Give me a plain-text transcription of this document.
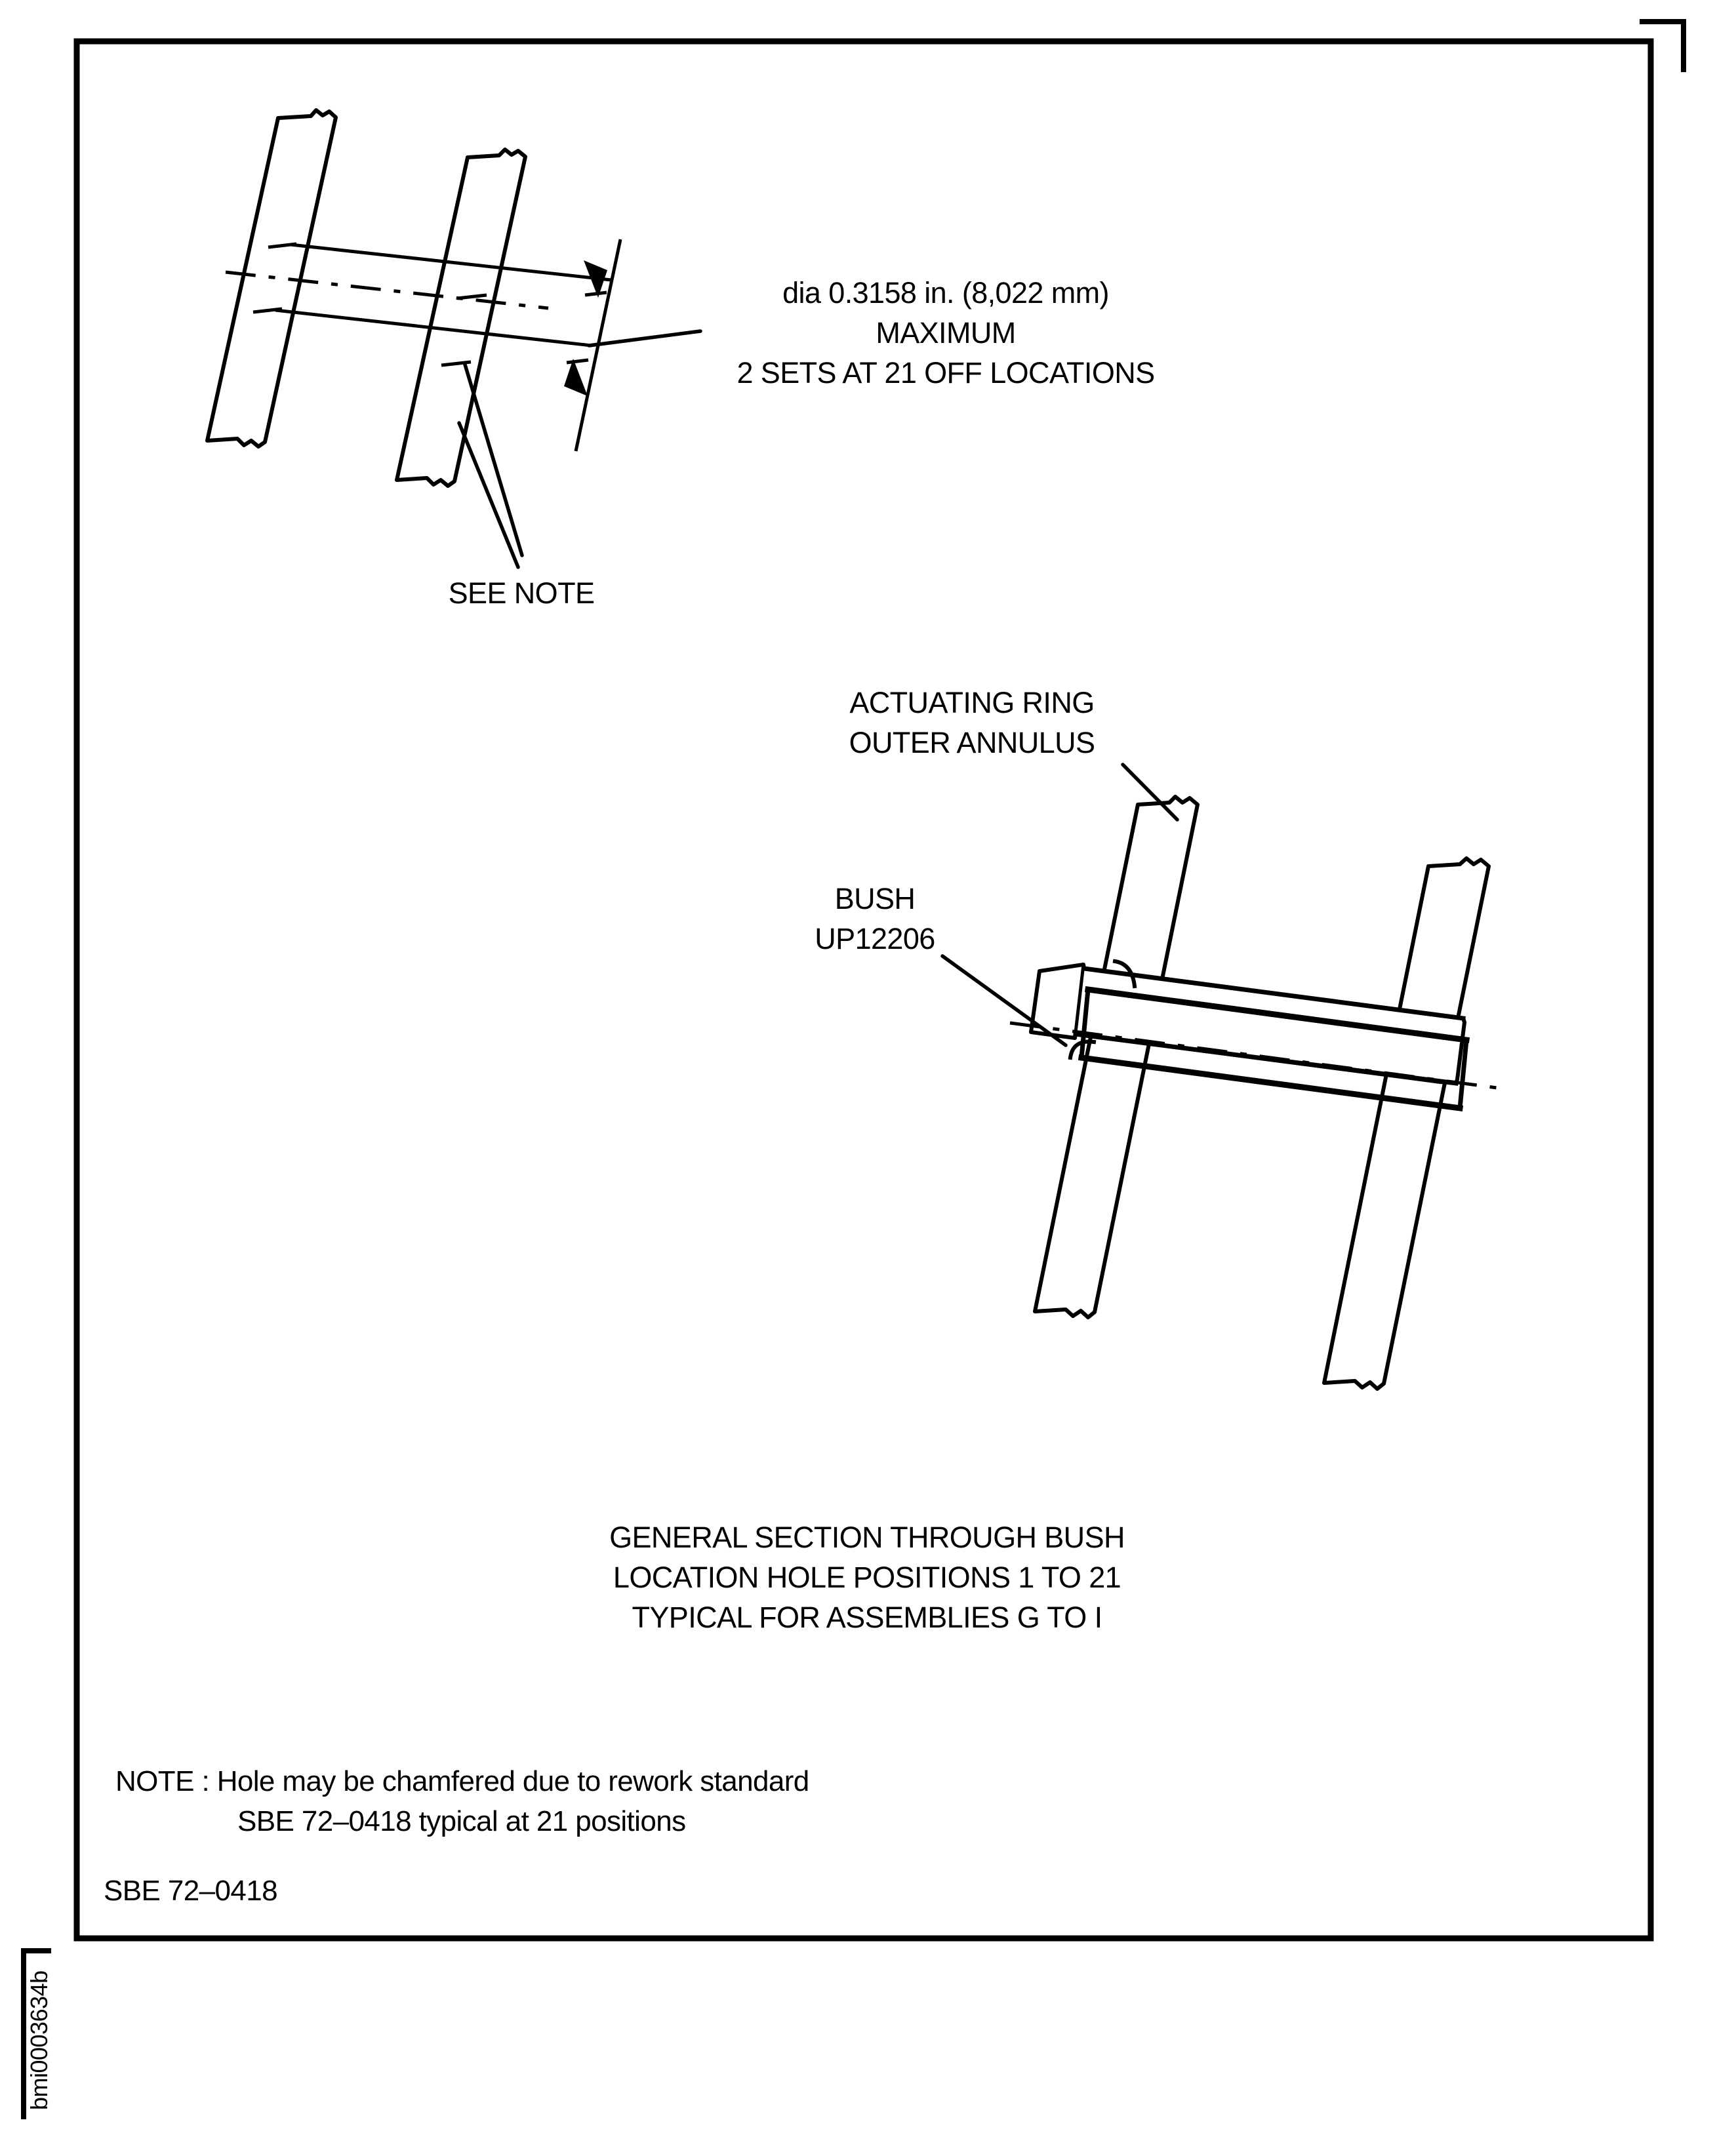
dia 0.3158 in. (8,022 mm)
MAXIMUM
2 SETS AT 21 OFF LOCATIONS
SEE NOTE
ACTUATING RING
OUTER ANNULUS
BUSH
UP12206
GENERAL SECTION THROUGH BUSH
LOCATION HOLE POSITIONS 1 TO 21
TYPICAL FOR ASSEMBLIES G TO I
NOTE : Hole may be chamfered due to rework standard
SBE 72–0418 typical at 21 positions
SBE 72–0418
bmi0003634b
